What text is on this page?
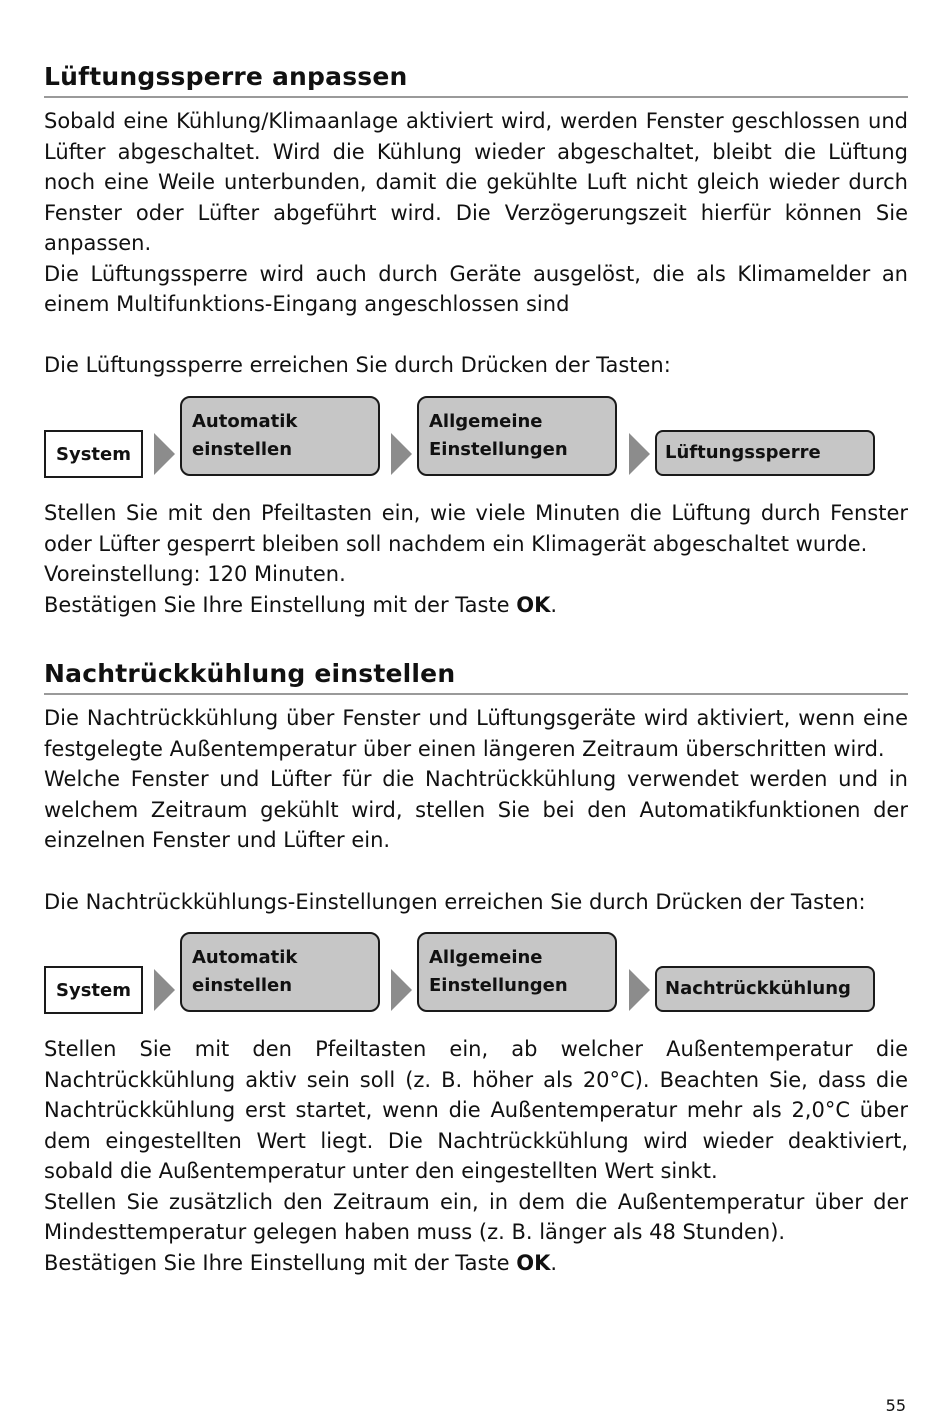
Lüftungssperre anpassen

Sobald eine Kühlung/Klimaanlage aktiviert wird, werden Fenster geschlossen und Lüfter abgeschaltet. Wird die Kühlung wieder abgeschaltet, bleibt die Lüftung noch eine Weile unterbunden, damit die gekühlte Luft nicht gleich wieder durch Fenster oder Lüfter abgeführt wird. Die Verzögerungszeit hierfür können Sie anpassen.

Die Lüftungssperre wird auch durch Geräte ausgelöst, die als Klimamelder an einem Multifunktions-Eingang angeschlossen sind

Die Lüftungssperre erreichen Sie durch Drücken der Tasten:

System
Automatik
einstellen
Allgemeine
Einstellungen	Lüftungssperre

Stellen Sie mit den Pfeiltasten ein, wie viele Minuten die Lüftung durch Fenster oder Lüfter gesperrt bleiben soll nachdem ein Klimagerät abgeschaltet wurde.

Voreinstellung: 120 Minuten.

Bestätigen Sie Ihre Einstellung mit der Taste OK.

Nachtrückkühlung einstellen

Die Nachtrückkühlung über Fenster und Lüftungsgeräte wird aktiviert, wenn eine festgelegte Außentemperatur über einen längeren Zeitraum überschritten wird.

Welche Fenster und Lüfter für die Nachtrückkühlung verwendet werden und in welchem Zeitraum gekühlt wird, stellen Sie bei den Automatikfunktionen der einzelnen Fenster und Lüfter ein.

Die Nachtrückkühlungs-Einstellungen erreichen Sie durch Drücken der Tasten:

System
Automatik
einstellen
Allgemeine
Einstellungen	Nachtrückkühlung

Stellen Sie mit den Pfeiltasten ein, ab welcher Außentemperatur die Nachtrückkühlung aktiv sein soll (z. B. höher als 20°C). Beachten Sie, dass die Nachtrückkühlung erst startet, wenn die Außentemperatur mehr als 2,0°C über dem eingestellten Wert liegt. Die Nachtrückkühlung wird wieder deaktiviert, sobald die Außentemperatur unter den eingestellten Wert sinkt.

Stellen Sie zusätzlich den Zeitraum ein, in dem die Außentemperatur über der Mindesttemperatur gelegen haben muss (z. B. länger als 48 Stunden).

Bestätigen Sie Ihre Einstellung mit der Taste OK.

55
